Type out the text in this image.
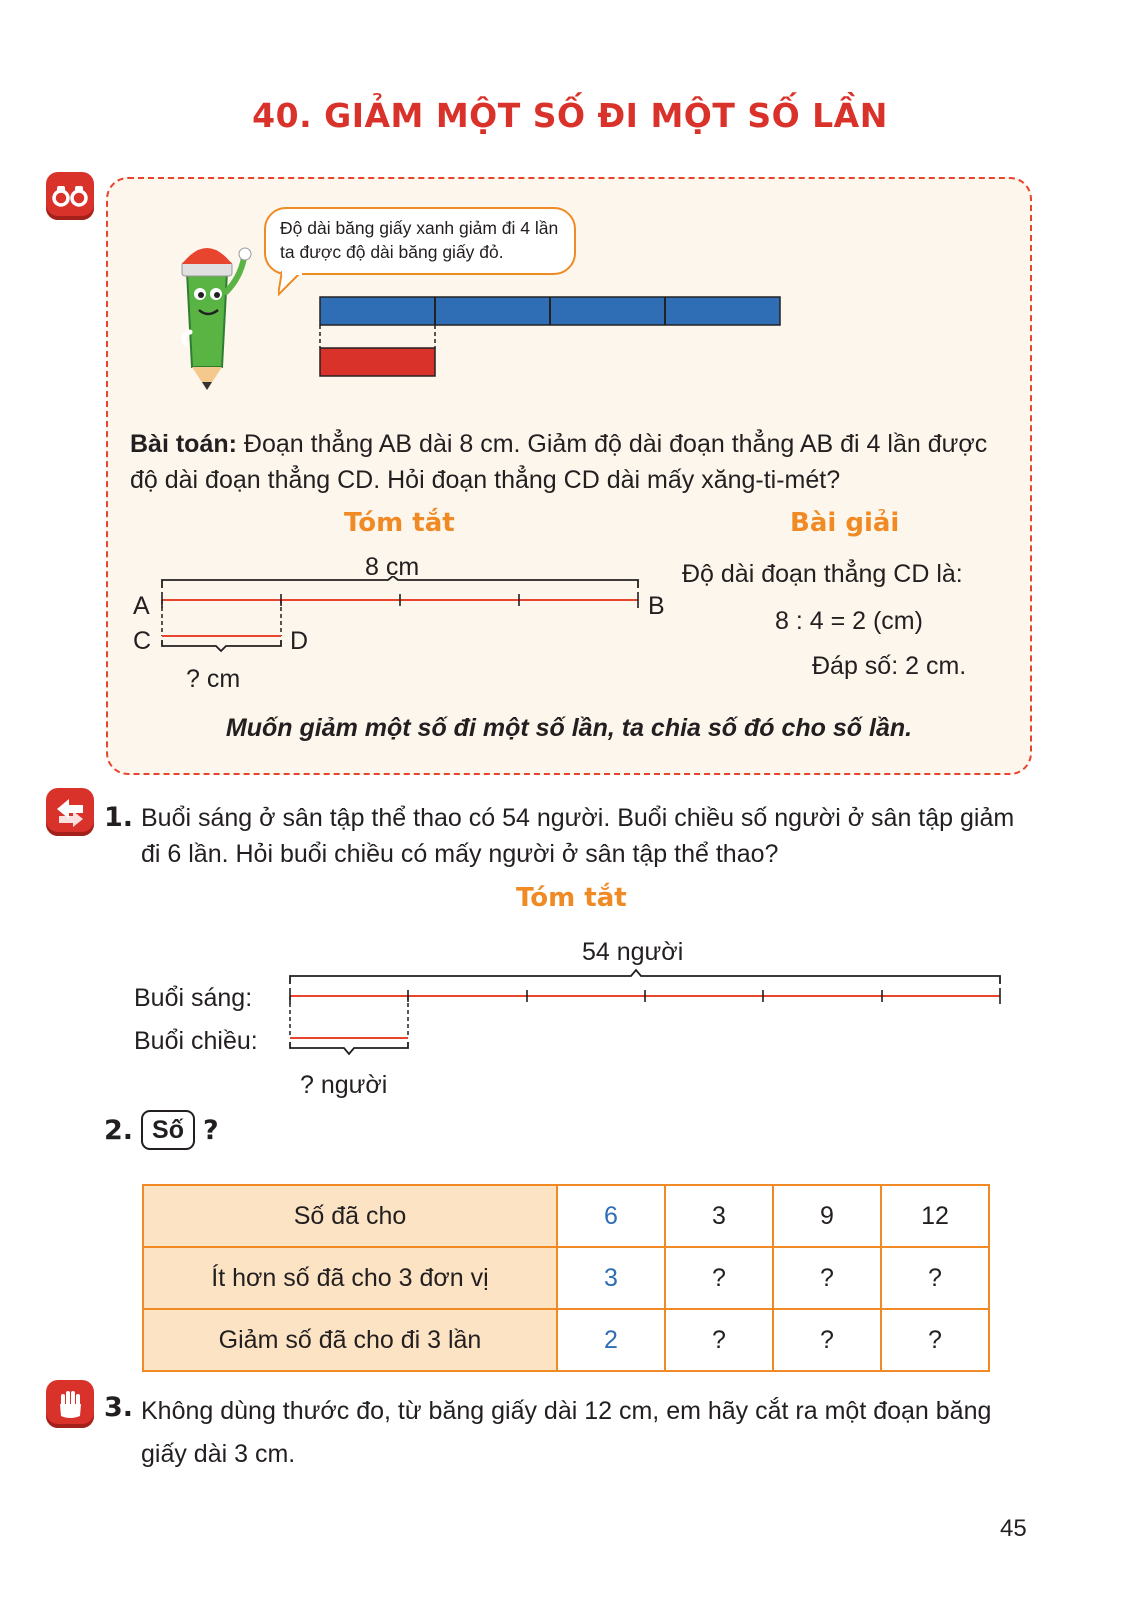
40. GIẢM MỘT SỐ ĐI MỘT SỐ LẦN
Độ dài băng giấy xanh giảm đi 4 lần ta được độ dài băng giấy đỏ.
Bài toán: Đoạn thẳng AB dài 8 cm. Giảm độ dài đoạn thẳng AB đi 4 lần được độ dài đoạn thẳng CD. Hỏi đoạn thẳng CD dài mấy xăng-ti-mét?
Tóm tắt	Bài giải
8 cm
A	B
C	D
? cm
Độ dài đoạn thẳng CD là:
8 : 4 = 2 (cm)
Đáp số: 2 cm.
Muốn giảm một số đi một số lần, ta chia số đó cho số lần.
1. Buổi sáng ở sân tập thể thao có 54 người. Buổi chiều số người ở sân tập giảm đi 6 lần. Hỏi buổi chiều có mấy người ở sân tập thể thao?
Tóm tắt
54 người
Buổi sáng:
Buổi chiều:
? người
2. Số ?
Số đã cho	6	3	9	12
Ít hơn số đã cho 3 đơn vị	3	?	?	?
Giảm số đã cho đi 3 lần	2	?	?	?
3. Không dùng thước đo, từ băng giấy dài 12 cm, em hãy cắt ra một đoạn băng giấy dài 3 cm.
45
